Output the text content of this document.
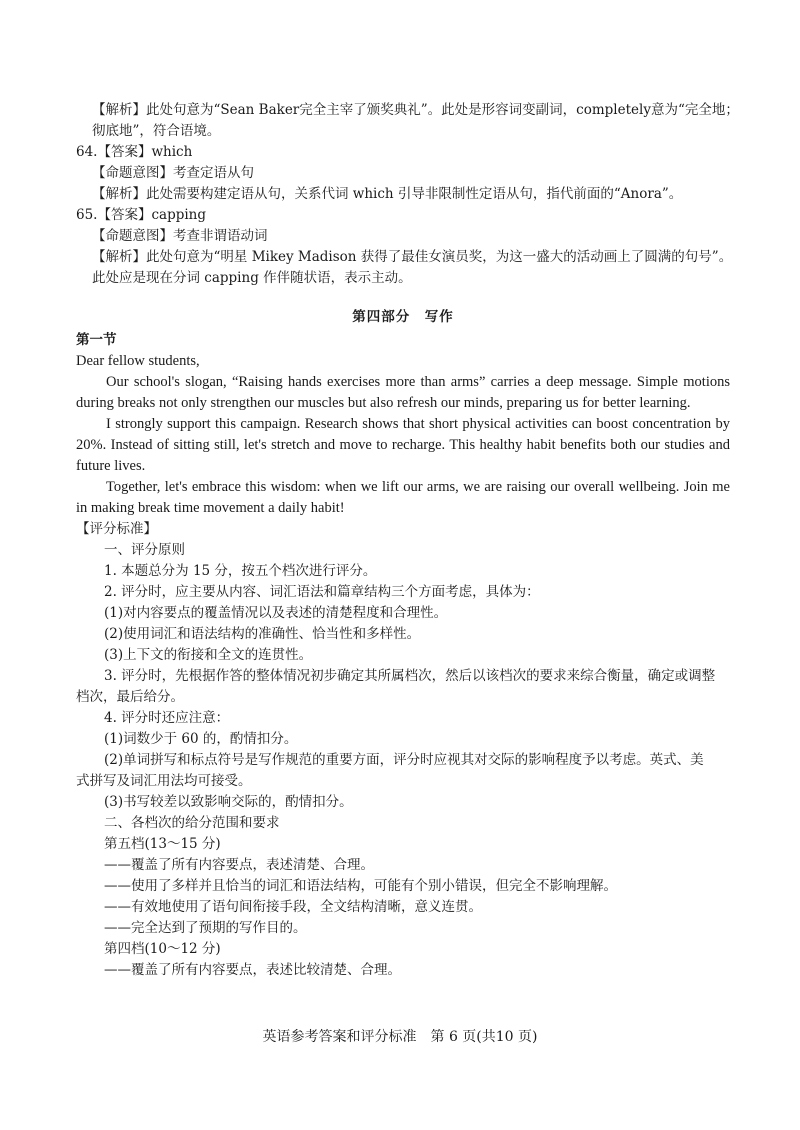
【解析】此处句意为“Sean Baker完全主宰了颁奖典礼”。此处是形容词变副词，completely意为“完全地；
彻底地”，符合语境。
64.【答案】which
【命题意图】考查定语从句
【解析】此处需要构建定语从句，关系代词 which 引导非限制性定语从句，指代前面的“Anora”。
65.【答案】capping
【命题意图】考查非谓语动词
【解析】此处句意为“明星 Mikey Madison 获得了最佳女演员奖，为这一盛大的活动画上了圆满的句号”。
此处应是现在分词 capping 作伴随状语，表示主动。
第四部分　写作
第一节

Dear fellow students,

Our school's slogan, “Raising hands exercises more than arms” carries a deep message. Simple motions during breaks not only strengthen our muscles but also refresh our minds, preparing us for better learning.

I strongly support this campaign. Research shows that short physical activities can boost concentration by 20%. Instead of sitting still, let's stretch and move to recharge. This healthy habit benefits both our studies and future lives.

Together, let's embrace this wisdom: when we lift our arms, we are raising our overall wellbeing. Join me in making break time movement a daily habit!

【评分标准】
一、评分原则
1. 本题总分为 15 分，按五个档次进行评分。
2. 评分时，应主要从内容、词汇语法和篇章结构三个方面考虑，具体为：
(1)对内容要点的覆盖情况以及表述的清楚程度和合理性。
(2)使用词汇和语法结构的准确性、恰当性和多样性。
(3)上下文的衔接和全文的连贯性。
3. 评分时，先根据作答的整体情况初步确定其所属档次，然后以该档次的要求来综合衡量，确定或调整
档次，最后给分。
4. 评分时还应注意：
(1)词数少于 60 的，酌情扣分。
(2)单词拼写和标点符号是写作规范的重要方面，评分时应视其对交际的影响程度予以考虑。英式、美
式拼写及词汇用法均可接受。
(3)书写较差以致影响交际的，酌情扣分。
二、各档次的给分范围和要求
第五档(13～15 分)
——覆盖了所有内容要点，表述清楚、合理。
——使用了多样并且恰当的词汇和语法结构，可能有个别小错误，但完全不影响理解。
——有效地使用了语句间衔接手段，全文结构清晰，意义连贯。
——完全达到了预期的写作目的。
第四档(10～12 分)
——覆盖了所有内容要点，表述比较清楚、合理。
英语参考答案和评分标准　第 6 页(共10 页)
